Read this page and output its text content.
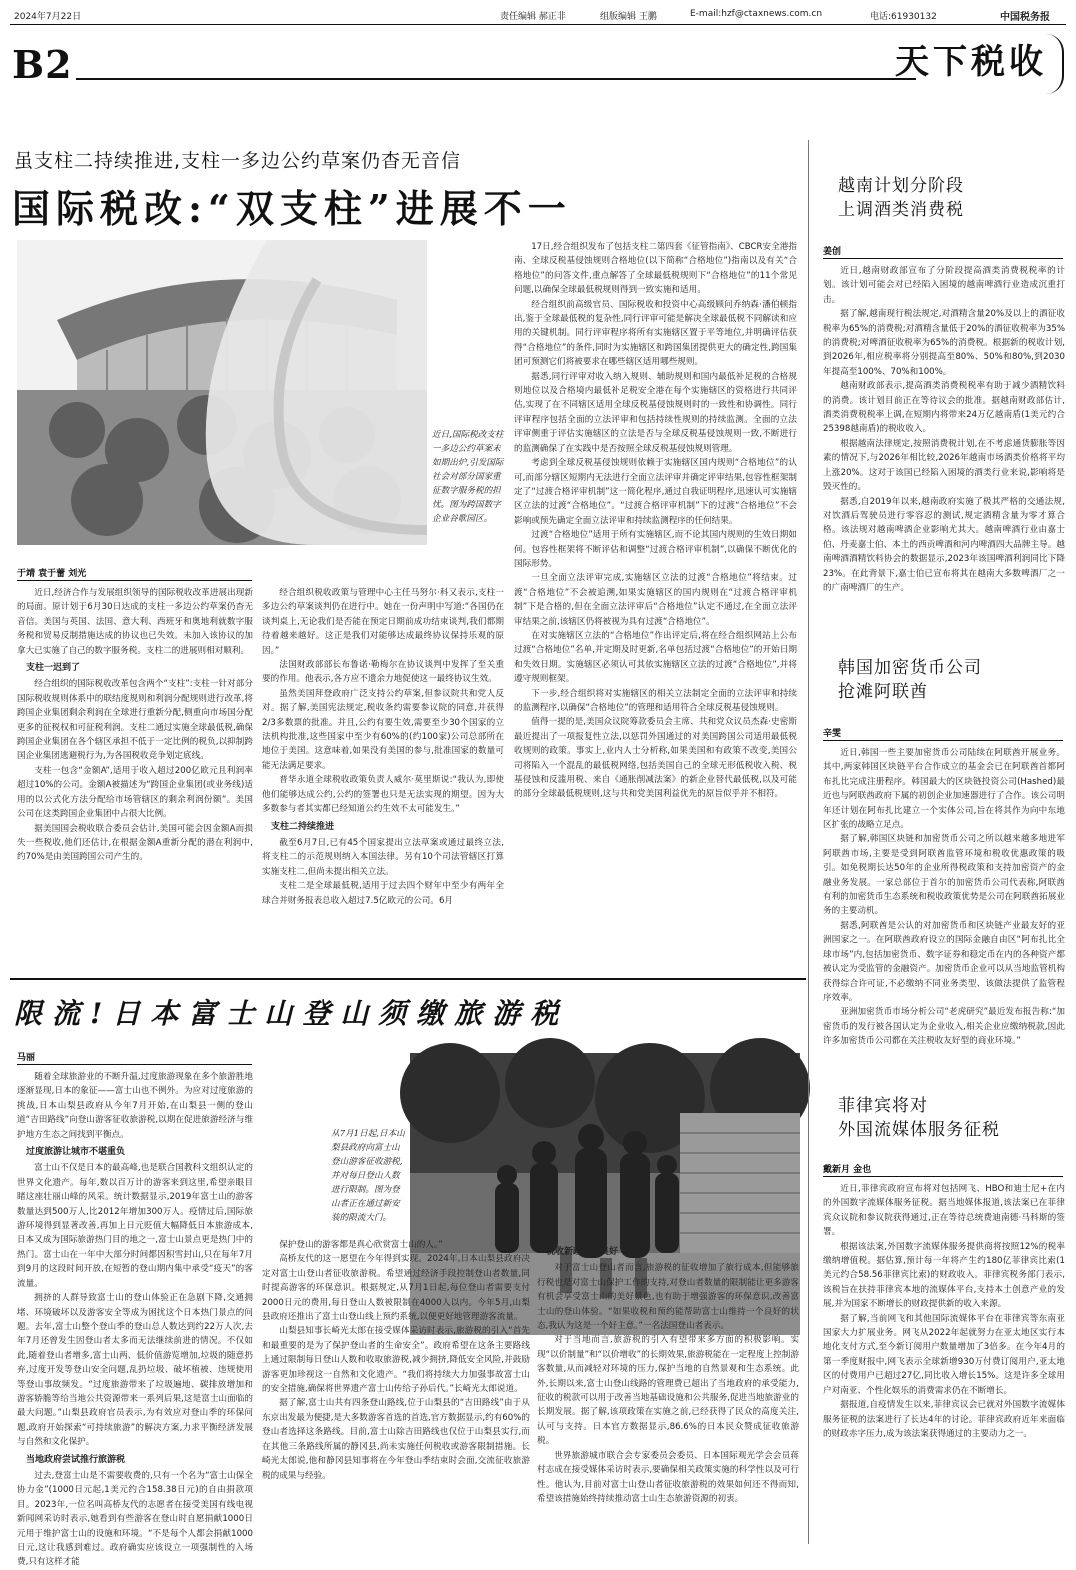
2024年7月22日	责任编辑 郝正非	组版编辑 王鹏	E-mail:hzf@ctaxnews.com.cn	电话:61930132	中国税务报
B2	天下税收
虽支柱二持续推进,支柱一多边公约草案仍杳无音信
国际税改:“双支柱”进展不一
近日,国际税改支柱一多边公约草案未如期出炉,引发国际社会对部分国家重征数字服务税的担忧。图为跨国数字企业谷歌园区。
于靖 袁于蕾 刘光

近日,经济合作与发展组织领导的国际税收改革进展出现新的局面。原计划于6月30日达成的支柱一多边公约草案仍杳无音信。美国与英国、法国、意大利、西班牙和奥地利就数字服务税和贸易反制措施达成的协议也已失效。未加入该协议的加拿大已实施了自己的数字服务税。支柱二的进展则相对顺利。

支柱一迟到了

经合组织的国际税收改革包含两个“支柱”:支柱一针对部分国际税收规则体系中的联结度规则和利润分配规则进行改革,将跨国企业集团剩余利润在全球进行重新分配,侧重向市场国分配更多的征税权和可征税利润。支柱二通过实施全球最低税,确保跨国企业集团在各个辖区承担不低于一定比例的税负,以抑制跨国企业集团逃避税行为,为各国税收竞争划定底线。

支柱一包含“金额A”,适用于收入超过200亿欧元且利润率超过10%的公司。金额A被描述为“跨国企业集团(或业务线)适用的以公式化方法分配给市场管辖区的剩余利润份额”。美国公司在这类跨国企业集团中占很大比例。

据美国国会税收联合委员会估计,美国可能会因金额A而损失一些税收,他们还估计,在根据金额A重新分配的潜在利润中,约70%是由美国跨国公司产生的。

经合组织税收政策与管理中心主任马努尔·科又表示,支柱一多边公约草案谈判仍在进行中。她在一份声明中写道:“各国仍在谈判桌上,无论我们是否能在预定日期前成功结束谈判,我们都期待着越来越好。这正是我们对能够达成最终协议保持乐观的原因。”

法国财政部部长布鲁诺·勒梅尔在协议谈判中发挥了至关重要的作用。他表示,各方应不遗余力地促使这一最终协议生效。

虽然美国拜登政府广泛支持公约草案,但参议院共和党人反对。据了解,美国宪法规定,税收条约需要参议院的同意,并获得2/3多数票的批准。并且,公约有要生效,需要至少30个国家的立法机构批准,这些国家中至少有60%的(约100家)公司总部所在地位于美国。这意味着,如果没有美国的参与,批准国家的数量可能无法满足要求。

普华永道全球税收政策负责人威尔·莫里斯说:“我认为,即使他们能够达成公约,公约的签署也只是无法实现的期望。因为大多数参与者其实都已经知道公约生效不太可能发生。”

支柱二持续推进

截至6月7日,已有45个国家提出立法草案或通过最终立法,将支柱二的示范规则纳入本国法律。另有10个司法管辖区打算实施支柱二,但尚未提出相关立法。

支柱二是全球最低税,适用于过去四个财年中至少有两年全球合并财务报表总收入超过7.5亿欧元的公司。6月

17日,经合组织发布了包括支柱二第四套《征管指南》、CBCR安全港指南、全球反税基侵蚀规则合格地位(以下简称“合格地位”)指南以及有关“合格地位”的问答文件,重点解答了全球最低税规则下“合格地位”的11个常见问题,以确保全球最低税规则得到一致实施和适用。

经合组织前高级官员、国际税收和投资中心高级顾问乔纳森·潘伯顿指出,鉴于全球最低税的复杂性,同行评审可能是解决全球最低税不同解读和应用的关键机制。同行评审程序将所有实施辖区置于平等地位,并明确评估获得“合格地位”的条件,同时为实施辖区和跨国集团提供更大的确定性,跨国集团可预测它们将被要求在哪些辖区适用哪些规则。

据悉,同行评审对收入纳入规则、辅助规则和国内最低补足税的合格规则地位以及合格境内最低补足税安全港在每个实施辖区的资格进行共同评估,实现了在不同辖区适用全球反税基侵蚀规则时的一致性和协调性。同行评审程序包括全面的立法评审和包括持续性规则的持续监测。全面的立法评审侧重于评估实施辖区的立法是否与全球反税基侵蚀规则一致,不断进行的监测确保了在实践中是否按照全球反税基侵蚀规则管理。

考虑到全球反税基侵蚀规则依赖于实施辖区国内规则“合格地位”的认可,而部分辖区短期内无法进行全面立法评审并确定评审结果,包容性框架制定了“过渡合格评审机制”这一简化程序,通过自我证明程序,迅速认可实施辖区立法的过渡“合格地位”。“过渡合格评审机制”下的过渡“合格地位”不会影响或预先确定全面立法评审和持续监测程序的任何结果。

过渡“合格地位”适用于所有实施辖区,而不论其国内规则的生效日期如何。包容性框架将不断评估和调整“过渡合格评审机制”,以确保不断优化的国际形势。

一旦全面立法评审完成,实施辖区立法的过渡“合格地位”将结束。过渡“合格地位”不会被追溯,如果实施辖区的国内规则在“过渡合格评审机制”下是合格的,但在全面立法评审后“合格地位”认定不通过,在全面立法评审结果之前,该辖区仍将被视为具有过渡“合格地位”。

在对实施辖区立法的“合格地位”作出评定后,将在经合组织网站上公布过渡“合格地位”名单,并定期及时更新,名单包括过渡“合格地位”的开始日期和失效日期。实施辖区必须认可其依实施辖区立法的过渡“合格地位”,并将遵守规则框架。

下一步,经合组织将对实施辖区的相关立法制定全面的立法评审和持续的监测程序,以确保“合格地位”的管理和适用符合全球反税基侵蚀规则。

值得一提的是,美国众议院筹款委员会主席、共和党众议员杰森·史密斯最近提出了一项报复性立法,以惩罚外国通过的对美国跨国公司适用最低税收规则的政策。事实上,业内人士分析称,如果美国和有政策不改变,美国公司将陷入一个混乱的最低税网络,包括美国自己的全球无形低税收入税、税基侵蚀和反滥用税、来自《通胀削减法案》的新企业替代最低税,以及可能的部分全球最低税规则,这与共和党美国利益优先的原旨似乎并不相符。

限流!日本富士山登山须缴旅游税
马丽
从7月1日起,日本山梨县政府向富士山登山游客征收游税,并对每日登山人数进行限制。图为登山者正在通过新安装的限流大门。

随着全球旅游业的不断升温,过度旅游现象在多个旅游胜地逐渐显现,日本的象征——富士山也不例外。为应对过度旅游的挑战,日本山梨县政府从今年7月开始,在山梨县一侧的登山道“吉田路线”向登山游客征收旅游税,以期在促进旅游经济与维护地方生态之间找到平衡点。

过度旅游让城市不堪重负

富士山不仅是日本的最高峰,也是联合国教科文组织认定的世界文化遗产。每年,数以百万计的游客来到这里,希望亲眼目睹这座壮丽山峰的风采。统计数据显示,2019年富士山的游客数量达到500万人,比2012年增加300万人。疫情过后,国际旅游环境得到显著改善,再加上日元贬值大幅降低日本旅游成本,日本又成为国际旅游热门目的地之一,富士山景点更是热门中的热门。富士山在一年中大部分时间都因积雪封山,只在每年7月到9月的这段时间开放,在短暂的登山期内集中承受“疫天”的客流量。

拥挤的人群导致富士山的登山体验正在急剧下降,交通拥堵、环境破坏以及游客安全等成为困扰这个日本热门景点的问题。去年,富士山整个登山季的登山总人数达到约22万人次,去年7月还曾发生因登山者太多而无法继续前进的情况。不仅如此,随着登山者增多,富士山两、低价值游览增加,垃圾的随意扔弃,过度开发等登山安全问题,乱扔垃圾、破坏植被、违规使用等登山事故频发。“过度旅游带来了垃圾遍地、碳排放增加和游客娇脆等给当地公共资源带来一系列后果,这是富士山面临的最大问题。”山梨县政府官员表示,为有效应对登山季的环保问题,政府开始探索“可持续旅游”的解决方案,力求平衡经济发展与自然和文化保护。

当地政府尝试推行旅游税

过去,登富士山是不需要收费的,只有一个名为“富士山保全协力金”(1000日元起,1美元约合158.38日元)的自由捐款项目。2023年,一位名叫高桥友代的志愿者在接受美国有线电视新闻网采访时表示,她看到有些游客在登山时自愿捐献1000日元用于维护富士山的设施和环境。“不是每个人都会捐献1000日元,这让我感到难过。政府确实应该设立一项强制性的入场费,只有这样才能

保护登山的游客都是真心欣赏富士山的人。”

高桥友代的这一愿望在今年得到实现。2024年,日本山梨县政府决定对富士山登山者征收旅游税。希望通过经济手段控制登山者数量,同时提高游客的环保意识。根据规定,从7月1日起,每位登山者需要支付2000日元的费用,每日登山人数被限制在4000人以内。今年5月,山梨县政府还推出了富士山登山线上预约系统,以便更好地管理游客流量。

山梨县知事长崎光太郎在接受媒体采访时表示,旅游税的引入“首先和最重要的是为了保护登山者的生命安全”。政府希望在这条主要路线上通过限制每日登山人数和收取旅游税,减少拥挤,降低安全风险,并鼓励游客更加珍视这一自然和文化遗产。“我们将持续大力加强事故富士山的安全措施,确保将世界遗产富士山传给子孙后代。”长崎光太郎说道。

据了解,富士山共有四条登山路线,位于山梨县的“吉田路线”由于从东京出发最为便捷,是大多数游客首选的首选,官方数据显示,约有60%的登山者选择这条路线。目前,富士山除吉田路线也仅位于山梨县实行,而在其他三条路线所属的静冈县,尚未实施任何税收或游客限制措施。长崎光太郎说,他和静冈县知事将在今年登山季结束时会面,交流征收旅游税的成果与经验。

税收新政收效良好

对于富士山登山者而言,旅游税的征收增加了旅行成本,但能够旅行税也是对富士山保护工作的支持,对登山者数量的限制能让更多游客有机会享受富士山的美好景色,也有助于增强游客的环保意识,改善富士山的登山体验。“如果收税和预约能帮助富士山维持一个良好的状态,我认为这是一个好主意。”一名法国登山者表示。

对于当地而言,旅游税的引入有望带来多方面的积极影响。实现“以价制量”和“以价增收”的长期效果,旅游税能在一定程度上控制游客数量,从而减轻对环境的压力,保护当地的自然景观和生态系统。此外,长期以来,富士山登山线路的管理费已超出了当地政府的承受能力,征收的税款可以用于改善当地基础设施和公共服务,促进当地旅游业的长期发展。据了解,该项政策在实施之前,已经获得了民众的高度关注,认可与支持。日本官方数据显示,86.6%的日本民众赞成征收旅游税。

世界旅游城市联合会专家委员会委员、日本国际观光学会会员蒋村志成在接受媒体采访时表示,要确保相关政策实施的科学性以及可行性。他认为,目前对富士山登山者征收旅游税的效果如何还不得而知,希望该措施始终持续推动富士山生态旅游资源的初衷。

越南计划分阶段
上调酒类消费税
姜创

近日,越南财政部宣布了分阶段提高酒类消费税税率的计划。该计划可能会对已经陷入困境的越南啤酒行业造成沉重打击。

据了解,越南现行税法规定,对酒精含量20%及以上的酒征收税率为65%的消费税;对酒精含量低于20%的酒征收税率为35%的消费税;对啤酒征收税率为65%的消费税。根据新的税收计划,到2026年,相应税率将分别提高至80%、50%和80%,到2030年提高至100%、70%和100%。

越南财政部表示,提高酒类消费税税率有助于减少酒精饮料的消费。该计划目前正在等待议会的批准。据越南财政部估计,酒类消费税税率上调,在短期内将带来24万亿越南盾(1美元约合25398越南盾)的税收收入。

根据越南法律规定,按照消费税计划,在不考虑通货膨胀等因素的情况下,与2026年相比较,2026年越南市场酒类价格将平均上涨20%。这对于该国已经陷入困境的酒类行业来说,影响将是毁灭性的。

据悉,自2019年以来,越南政府实施了极其严格的交通法规,对饮酒后驾驶员进行零容忍的测试,规定酒精含量为零才算合格。该法规对越南啤酒企业影响尤其大。越南啤酒行业由嘉士伯、丹麦嘉士伯、本土的西贡啤酒和河内啤酒四大品牌主导。越南啤酒酒精饮料协会的数据显示,2023年该国啤酒利润同比下降23%。在此背景下,嘉士伯已宣布将其在越南大多数啤酒厂之一的广南啤酒厂的生产。

韩国加密货币公司
抢滩阿联酋
辛雯

近日,韩国一些主要加密货币公司陆续在阿联酋开展业务。其中,两家韩国区块链平台合作成立的基金会已在阿联酋首都阿布扎比完成注册程序。韩国最大的区块链投资公司(Hashed)最近也与阿联酋政府下属的初创企业加速器进行了合作。该公司明年还计划在阿布扎比建立一个实体公司,旨在将其作为向中东地区扩张的战略立足点。

据了解,韩国区块链和加密货币公司之所以越来越多地进军阿联酋市场,主要是受到阿联酋监管环境和税收优惠政策的吸引。如免税期长达50年的企业所得税政策和支持加密资产的金融业务发展。一家总部位于首尔的加密货币公司代表称,阿联酋有利的加密货币生态系统和税收政策优势是公司在阿联酋拓展业务的主要动机。

据悉,阿联酋是公认的对加密货币和区块链产业最友好的亚洲国家之一。在阿联酋政府设立的国际金融自由区“阿布扎比全球市场”内,包括加密货币、数字证券和稳定币在内的各种资产都被认定为受监管的金融资产。加密货币企业可以从当地监管机构获得综合许可证,不必缴纳不同业务类型、该做法提供了监管程序效率。

亚洲加密货币市场分析公司“老虎研究”最近发布报告称:“加密货币的发行被各国认定为企业收入,相关企业应缴纳税款,因此许多加密货币公司都在关注税收友好型的商业环境。”

菲律宾将对
外国流媒体服务征税
戴新月 金也

近日,菲律宾政府宣布将对包括网飞、HBO和迪士尼+在内的外国数字流媒体服务征税。据当地媒体报道,该法案已在菲律宾众议院和参议院获得通过,正在等待总统费迪南德·马科斯的签署。

根据该法案,外国数字流媒体服务提供商将按照12%的税率缴纳增值税。据估算,预计每一年将产生约180亿菲律宾比索(1美元约合58.56菲律宾比索)的财政收入。菲律宾税务部门表示,该税旨在扶持菲律宾本地的流媒体平台,支持本土创意产业的发展,并为国家不断增长的财政提供新的收入来源。

据了解,当前网飞和其他国际流媒体平台在菲律宾等东南亚国家大力扩展业务。网飞从2022年起就努力在亚太地区实行本地化支付方式,至今新订阅用户数量增加了3倍多。在今年4月的第一季度财报中,网飞表示全球新增930万付费订阅用户,亚太地区的付费用户已超过27亿,同比收入增长15%。这是许多全球用户对南亚、个性化娱乐的消费需求仍在不断增长。

据报道,自疫情发生以来,菲律宾议会已就对外国数字流媒体服务征税的法案进行了长达4年的讨论。菲律宾政府近年来面临的财政赤字压力,成为该法案获得通过的主要动力之一。
